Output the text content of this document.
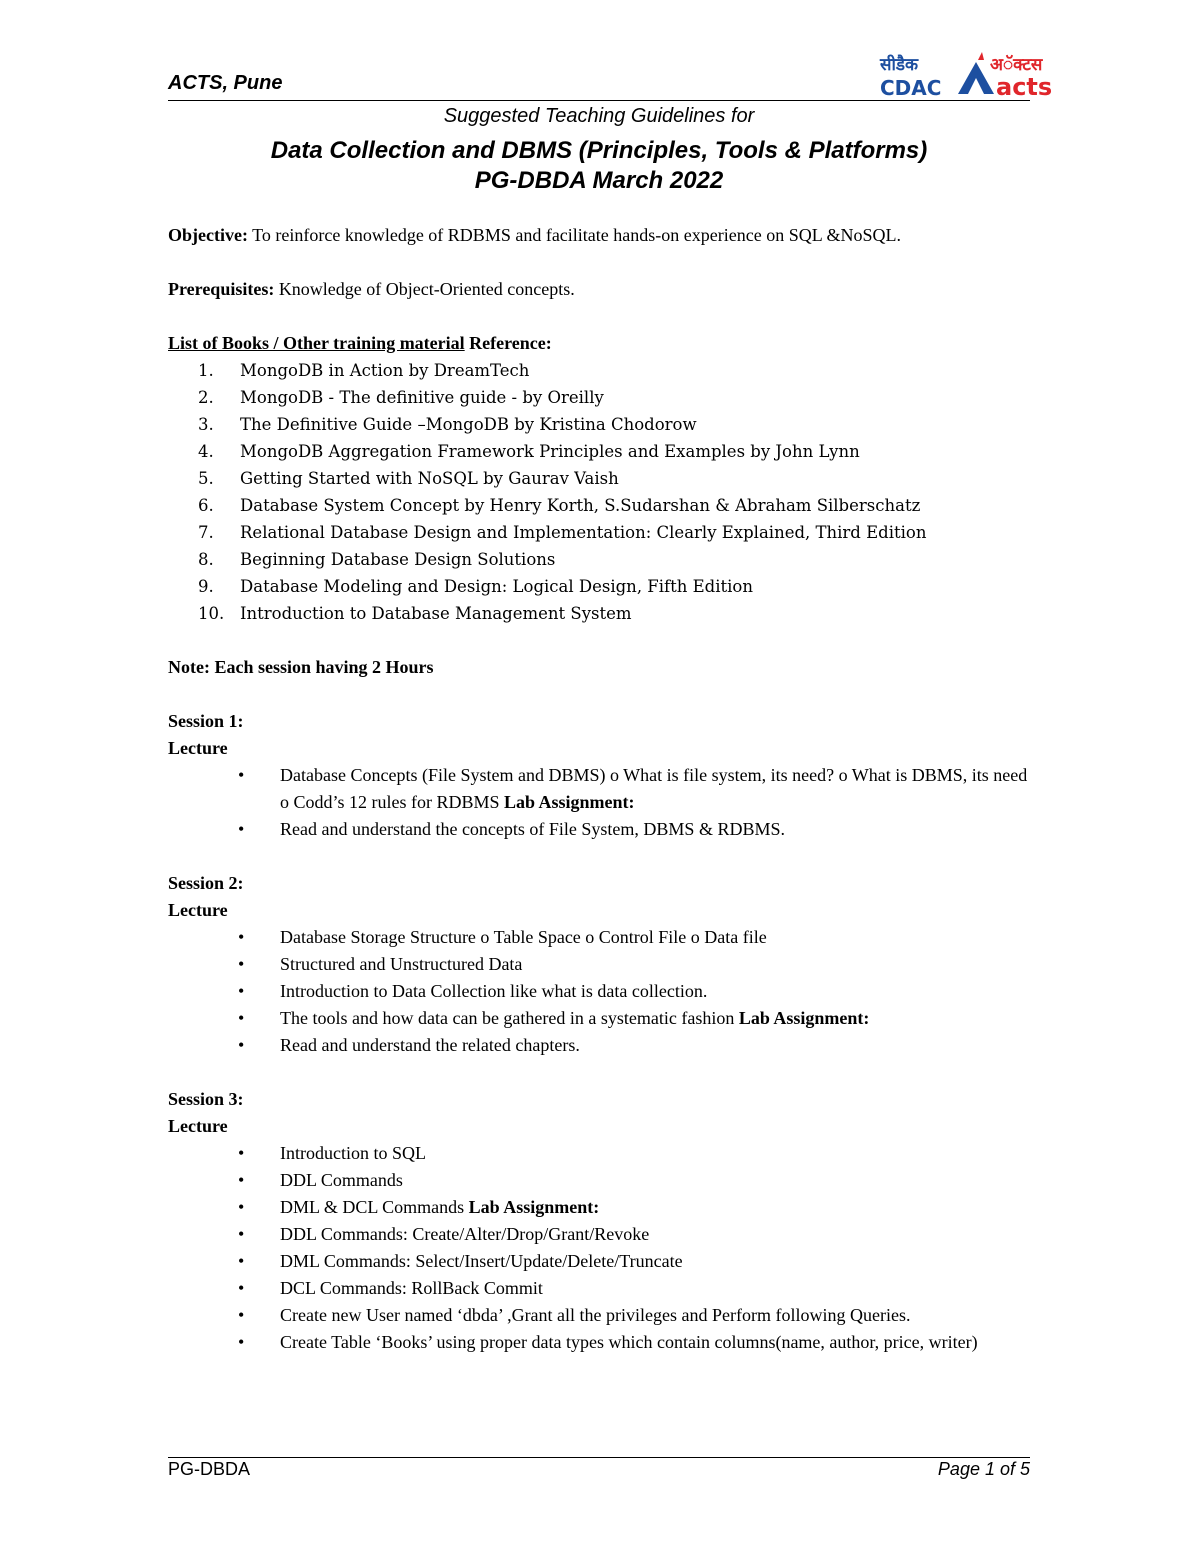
ACTS, Pune
सीडैक
CDAC
अॅक्टस
acts
Suggested Teaching Guidelines for
Data Collection and DBMS (Principles, Tools & Platforms)
PG-DBDA March 2022

Objective: To reinforce knowledge of RDBMS and facilitate hands-on experience on SQL &NoSQL.

Prerequisites: Knowledge of Object-Oriented concepts.

List of Books / Other training material Reference:

1.	MongoDB in Action by DreamTech
2.	MongoDB - The definitive guide - by Oreilly
3.	The Definitive Guide –MongoDB by Kristina Chodorow
4.	MongoDB Aggregation Framework Principles and Examples by John Lynn
5.	Getting Started with NoSQL by Gaurav Vaish
6.	Database System Concept by Henry Korth, S.Sudarshan & Abraham Silberschatz
7.	Relational Database Design and Implementation: Clearly Explained, Third Edition
8.	Beginning Database Design Solutions
9.	Database Modeling and Design: Logical Design, Fifth Edition
10. Introduction to Database Management System

Note: Each session having 2 Hours

Session 1:

Lecture

• Database Concepts (File System and DBMS) o What is file system, its need? o What is DBMS, its need o Codd’s 12 rules for RDBMS Lab Assignment:
• Read and understand the concepts of File System, DBMS & RDBMS.

Session 2:

Lecture

• Database Storage Structure o Table Space o Control File o Data file
• Structured and Unstructured Data
• Introduction to Data Collection like what is data collection.
• The tools and how data can be gathered in a systematic fashion Lab Assignment:
• Read and understand the related chapters.

Session 3:

Lecture

• Introduction to SQL
• DDL Commands
• DML & DCL Commands Lab Assignment:
• DDL Commands: Create/Alter/Drop/Grant/Revoke
• DML Commands: Select/Insert/Update/Delete/Truncate
• DCL Commands: RollBack Commit
• Create new User named ‘dbda’ ,Grant all the privileges and Perform following Queries.
• Create Table ‘Books’ using proper data types which contain columns(name, author, price, writer)
PG-DBDA	Page 1 of 5
